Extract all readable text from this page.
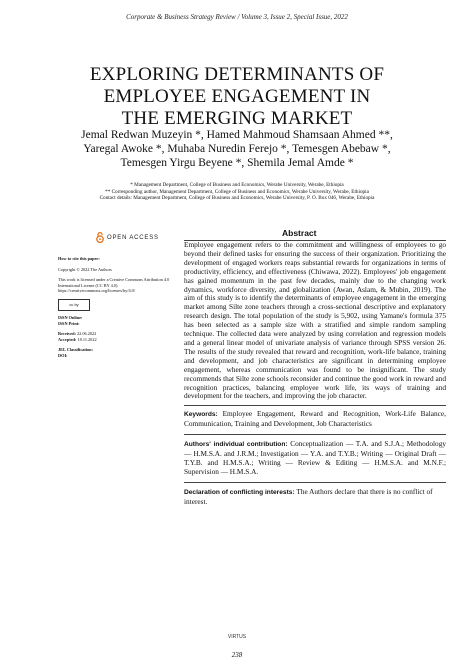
Corporate & Business Strategy Review / Volume 3, Issue 2, Special Issue, 2022
EXPLORING DETERMINANTS OF
EMPLOYEE ENGAGEMENT IN
THE EMERGING MARKET
Jemal Redwan Muzeyin *, Hamed Mahmoud Shamsaan Ahmed **,
Yaregal Awoke *, Muhaba Nuredin Ferejo *, Temesgen Abebaw *,
Temesgen Yirgu Beyene *, Shemila Jemal Amde *
* Management Department, College of Business and Economics, Werabe University, Werabe, Ethiopia
** Corresponding author, Management Department, College of Business and Economics, Werabe University, Werabe, Ethiopia
Contact details: Management Department, College of Business and Economics, Werabe University, P. O. Box 046, Werabe, Ethiopia
OPEN ACCESS	Abstract

How to cite this paper:

Copyright © 2022 The Authors

This work is licensed under a Creative Commons Attribution 4.0 International License (CC BY 4.0). https://creativecommons.org/licenses/by/4.0/

cc by

ISSN Online:
ISSN Print:

Received: 22.06.2022
Accepted: 18.11.2022

JEL Classification:
DOI:

Employee engagement refers to the commitment and willingness of employees to go beyond their defined tasks for ensuring the success of their organization. Prioritizing the development of engaged workers reaps substantial rewards for organizations in terms of productivity, efficiency, and effectiveness (Chiwawa, 2022). Employees' job engagement has gained momentum in the past few decades, mainly due to the changing work dynamics, workforce diversity, and globalization (Awan, Aslam, & Mubin, 2019). The aim of this study is to identify the determinants of employee engagement in the emerging market among Silte zone teachers through a cross-sectional descriptive and explanatory research design. The total population of the study is 5,902, using Yamane's formula 375 has been selected as a sample size with a stratified and simple random sampling technique. The collected data were analyzed by using correlation and regression models and a general linear model of univariate analysis of variance through SPSS version 26. The results of the study revealed that reward and recognition, work-life balance, training and development, and job characteristics are significant in determining employee engagement, whereas communication was found to be insignificant. The study recommends that Silte zone schools reconsider and continue the good work in reward and recognition practices, balancing employee work life, its ways of training and development for the teachers, and improving the job character.

Keywords: Employee Engagement, Reward and Recognition, Work-Life Balance, Communication, Training and Development, Job Characteristics

Authors' individual contribution: Conceptualization — T.A. and S.J.A.; Methodology — H.M.S.A. and J.R.M.; Investigation — Y.A. and T.Y.B.; Writing — Original Draft — T.Y.B. and H.M.S.A.; Writing — Review & Editing — H.M.S.A. and M.N.F.; Supervision — H.M.S.A.

Declaration of conflicting interests: The Authors declare that there is no conflict of interest.

VIRTUS
238
